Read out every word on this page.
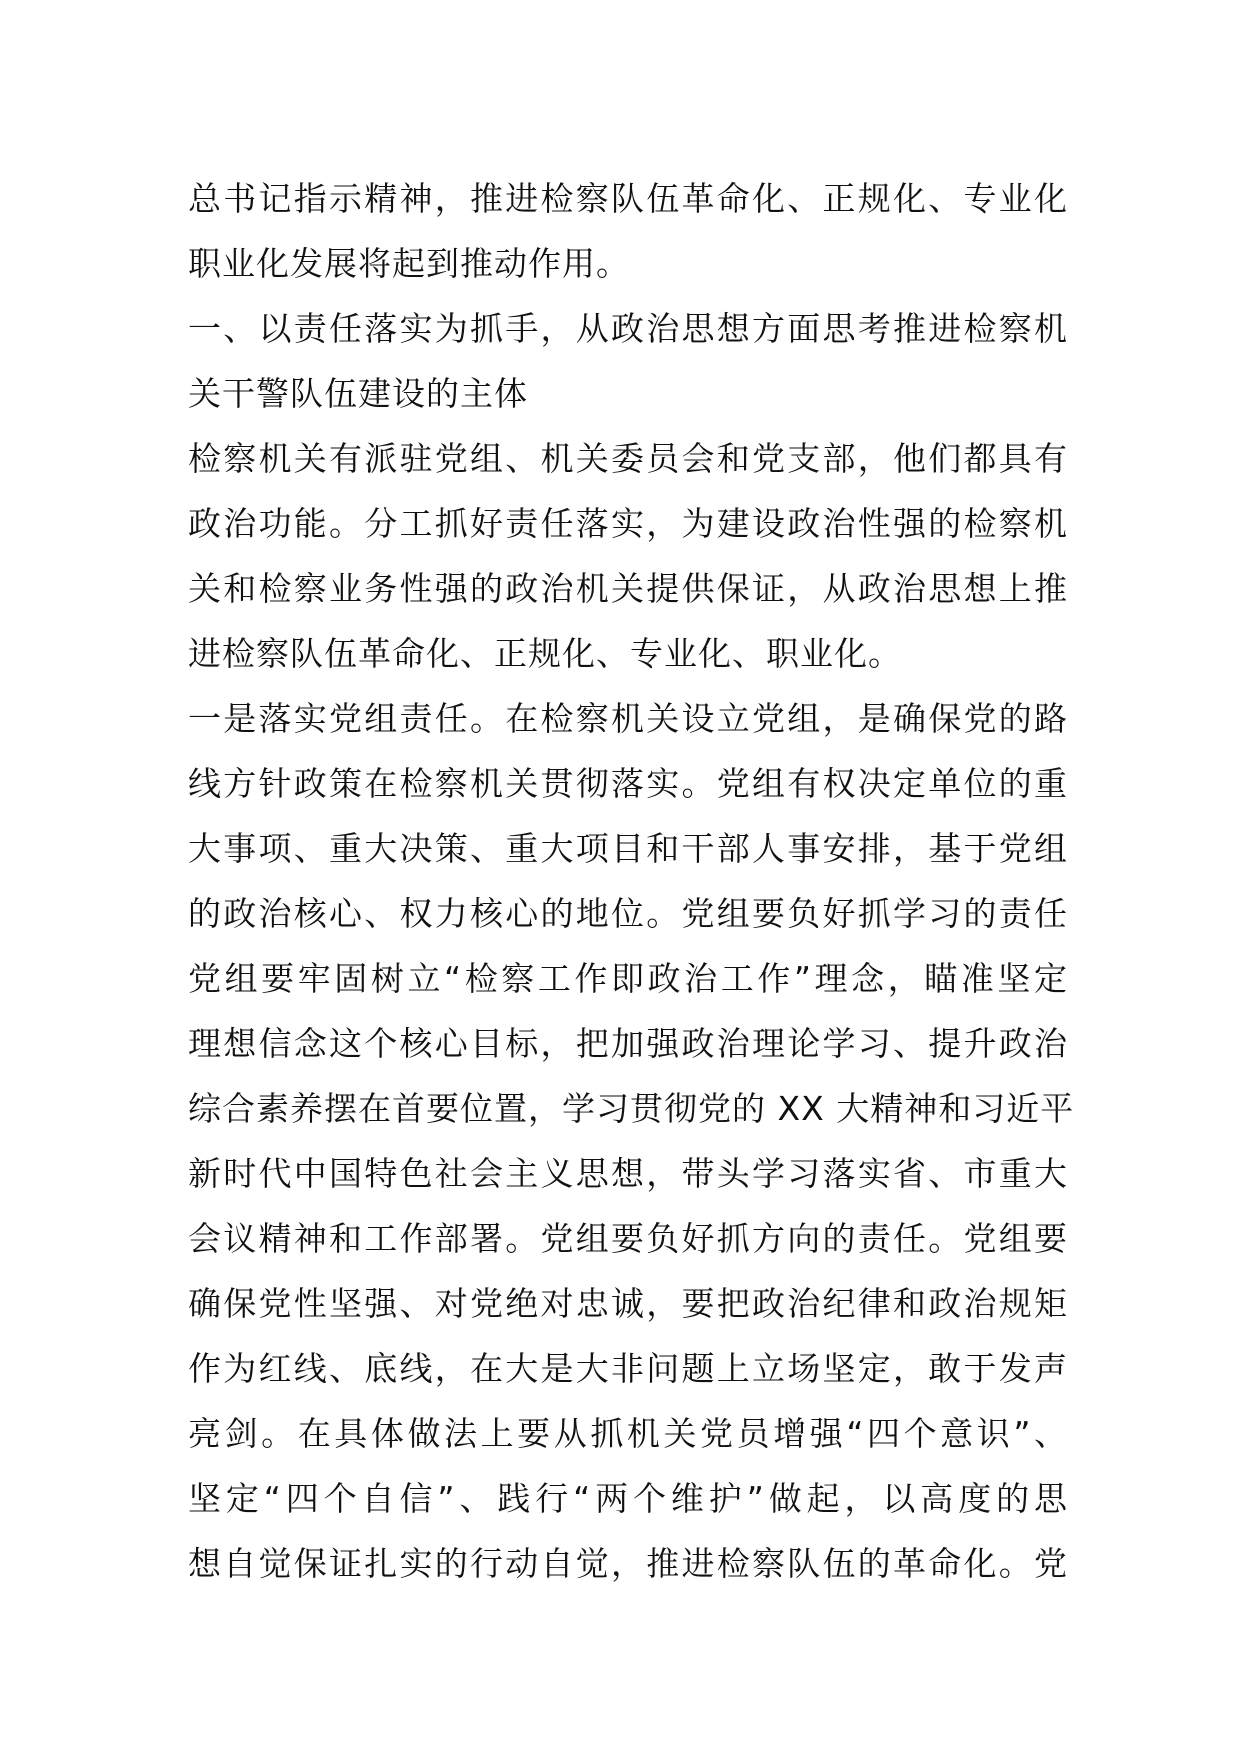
总书记指示精神，推进检察队伍革命化、正规化、专业化
职业化发展将起到推动作用。
一、以责任落实为抓手，从政治思想方面思考推进检察机
关干警队伍建设的主体
检察机关有派驻党组、机关委员会和党支部，他们都具有
政治功能。分工抓好责任落实，为建设政治性强的检察机
关和检察业务性强的政治机关提供保证，从政治思想上推
进检察队伍革命化、正规化、专业化、职业化。
一是落实党组责任。在检察机关设立党组，是确保党的路
线方针政策在检察机关贯彻落实。党组有权决定单位的重
大事项、重大决策、重大项目和干部人事安排，基于党组
的政治核心、权力核心的地位。党组要负好抓学习的责任
党组要牢固树立“检察工作即政治工作”理念，瞄准坚定
理想信念这个核心目标，把加强政治理论学习、提升政治
综合素养摆在首要位置，学习贯彻党的 XX 大精神和习近平
新时代中国特色社会主义思想，带头学习落实省、市重大
会议精神和工作部署。党组要负好抓方向的责任。党组要
确保党性坚强、对党绝对忠诚，要把政治纪律和政治规矩
作为红线、底线，在大是大非问题上立场坚定，敢于发声
亮剑。在具体做法上要从抓机关党员增强“四个意识”、
坚定“四个自信”、践行“两个维护”做起，以高度的思
想自觉保证扎实的行动自觉，推进检察队伍的革命化。党
